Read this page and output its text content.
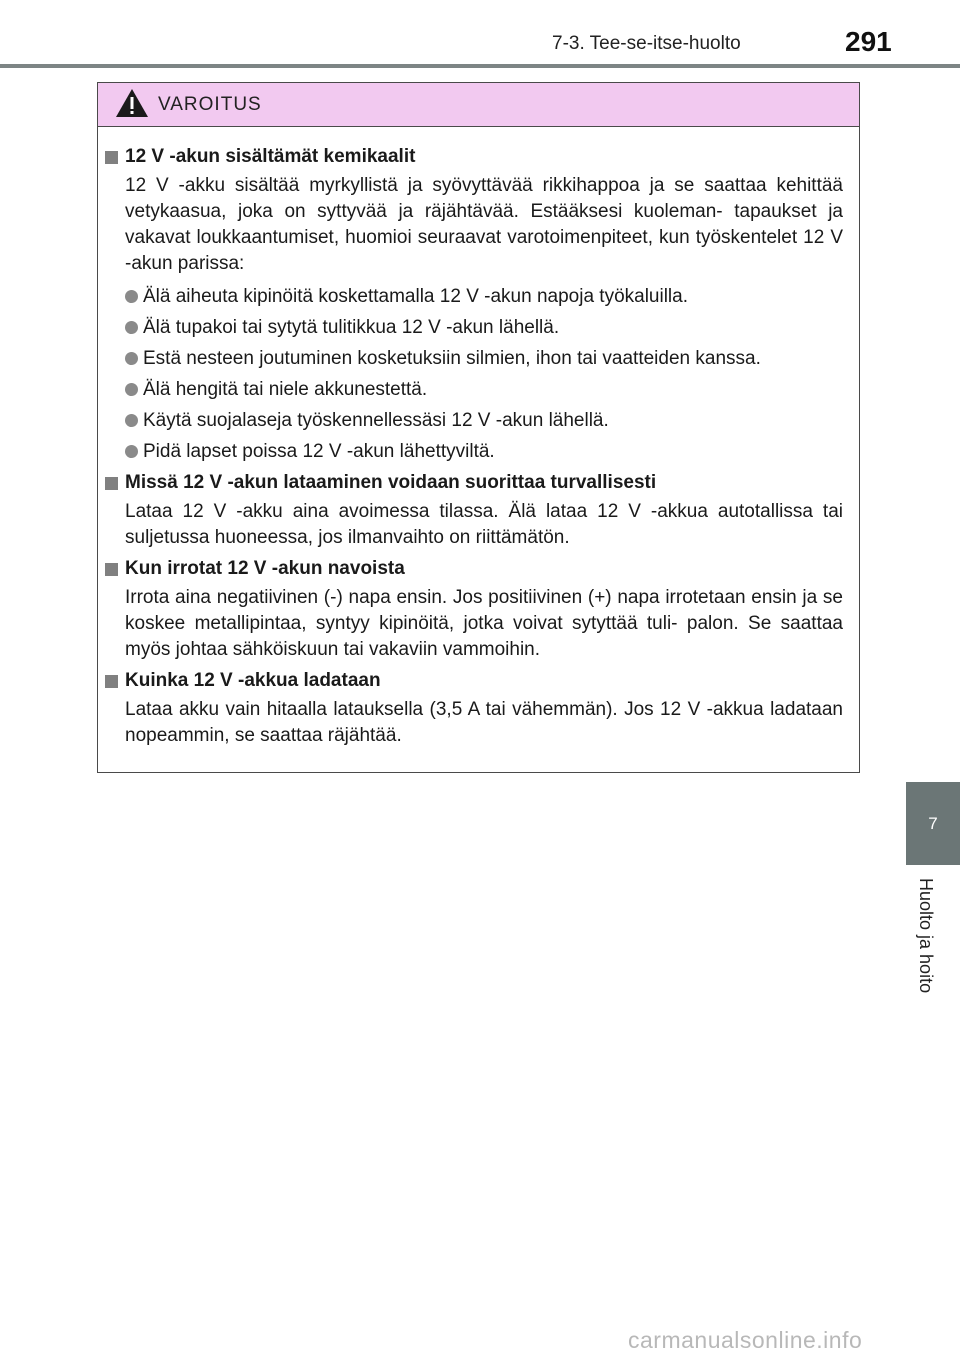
7-3. Tee-se-itse-huolto	291
VAROITUS
12 V -akun sisältämät kemikaalit
12 V -akku sisältää myrkyllistä ja syövyttävää rikkihappoa ja se saattaa kehittää vetykaasua, joka on syttyvää ja räjähtävää. Estääksesi kuoleman- tapaukset ja vakavat loukkaantumiset, huomioi seuraavat varotoimenpiteet, kun työskentelet 12 V -akun parissa:
Älä aiheuta kipinöitä koskettamalla 12 V -akun napoja työkaluilla.
Älä tupakoi tai sytytä tulitikkua 12 V -akun lähellä.
Estä nesteen joutuminen kosketuksiin silmien, ihon tai vaatteiden kanssa.
Älä hengitä tai niele akkunestettä.
Käytä suojalaseja työskennellessäsi 12 V -akun lähellä.
Pidä lapset poissa 12 V -akun lähettyviltä.
Missä 12 V -akun lataaminen voidaan suorittaa turvallisesti
Lataa 12 V -akku aina avoimessa tilassa. Älä lataa 12 V -akkua autotallissa tai suljetussa huoneessa, jos ilmanvaihto on riittämätön.
Kun irrotat 12 V -akun navoista
Irrota aina negatiivinen (-) napa ensin. Jos positiivinen (+) napa irrotetaan ensin ja se koskee metallipintaa, syntyy kipinöitä, jotka voivat sytyttää tuli- palon. Se saattaa myös johtaa sähköiskuun tai vakaviin vammoihin.
Kuinka 12 V -akkua ladataan
Lataa akku vain hitaalla latauksella (3,5 A tai vähemmän). Jos 12 V -akkua ladataan nopeammin, se saattaa räjähtää.
7
Huolto ja hoito
carmanualsonline.info
